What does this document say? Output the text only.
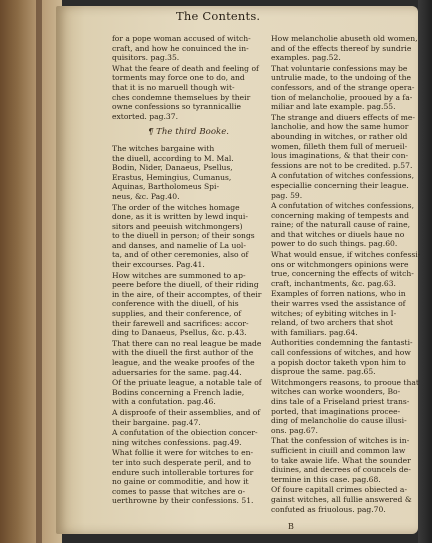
The Contents.

for a pope woman accused of witch-
craft, and how he conuinced the in-
quisitors. pag.35.

What the feare of death and feeling of
torments may force one to do, and
that it is no maruell though wit-
ches condemne themselues by their
owne confessions so tyrannicallie
extorted. pag.37.

¶ The third Booke.

The witches bargaine with
the diuell, according to M. Mal.
Bodin, Nider, Danaeus, Psellus,
Erastus, Hemingius, Cumanus,
Aquinas, Bartholomeus Spi-
neus, &c. Pag.40.

The order of the witches homage
done, as it is written by lewd inqui-
sitors and peeuish witchmongers)
to the diuell in person; of their songs
and danses, and namelie of La uol-
ta, and of other ceremonies, also of
their excourses. Pag.41.

How witches are summoned to ap-
peere before the diuell, of their riding
in the aire, of their accomptes, of their
conference with the diuell, of his
supplies, and their conference, of
their farewell and sacrifices: accor-
ding to Danaeus, Psellus, &c. p.43.

That there can no real league be made
with the diuell the first author of the
league, and the weake proofes of the
aduersaries for the same. pag.44.

Of the priuate league, a notable tale of
Bodins concerning a French ladie,
with a confutation. pag.46.

A disproofe of their assemblies, and of
their bargaine. pag.47.

A confutation of the obiection concer-
ning witches confessions. pag.49.

What follie it were for witches to en-
ter into such desperate peril, and to
endure such intollerable tortures for
no gaine or commoditie, and how it
comes to passe that witches are o-
uerthrowne by their confessions. 51.

How melancholie abuseth old women,
and of the effects thereof by sundrie
examples. pag.52.

That voluntarie confessions may be
untrulie made, to the undoing of the
confessors, and of the strange opera-
tion of melancholie, prooued by a fa-
miliar and late example. pag.55.

The strange and diuers effects of me-
lancholie, and how the same humor
abounding in witches, or rather old
women, filleth them full of merueil-
lous imaginations, & that their con-
fessions are not to be credited. p.57.

A confutation of witches confessions,
especiallie concerning their league.
pag. 59.

A confutation of witches confessions,
concerning making of tempests and
raine; of the naturall cause of raine,
and that witches or diuels haue no
power to do such things. pag.60.

What would ensue, if witches confessi-
ons or witchmongers opinions were
true, concerning the effects of witch-
craft, inchantments, &c. pag.63.

Examples of forren nations, who in
their warres vsed the assistance of
witches; of eybiting witches in I-
reland, of two archers that shot
with familiars. pag.64.

Authorities condemning the fantasti-
call confessions of witches, and how
a popish doctor taketh vpon him to
disproue the same. pag.65.

Witchmongers reasons, to prooue that
witches can worke woonders, Bo-
dins tale of a Friseland priest trans-
ported, that imaginations procee-
ding of melancholie do cause illusi-
ons. pag.67.

That the confession of witches is in-
sufficient in ciuill and common law
to take awaie life. What the sounder
diuines, and decrees of councels de-
termine in this case. pag.68.

Of foure capitall crimes obiected a-
gainst witches, all fullie answered &
confuted as friuolous. pag.70.

B
